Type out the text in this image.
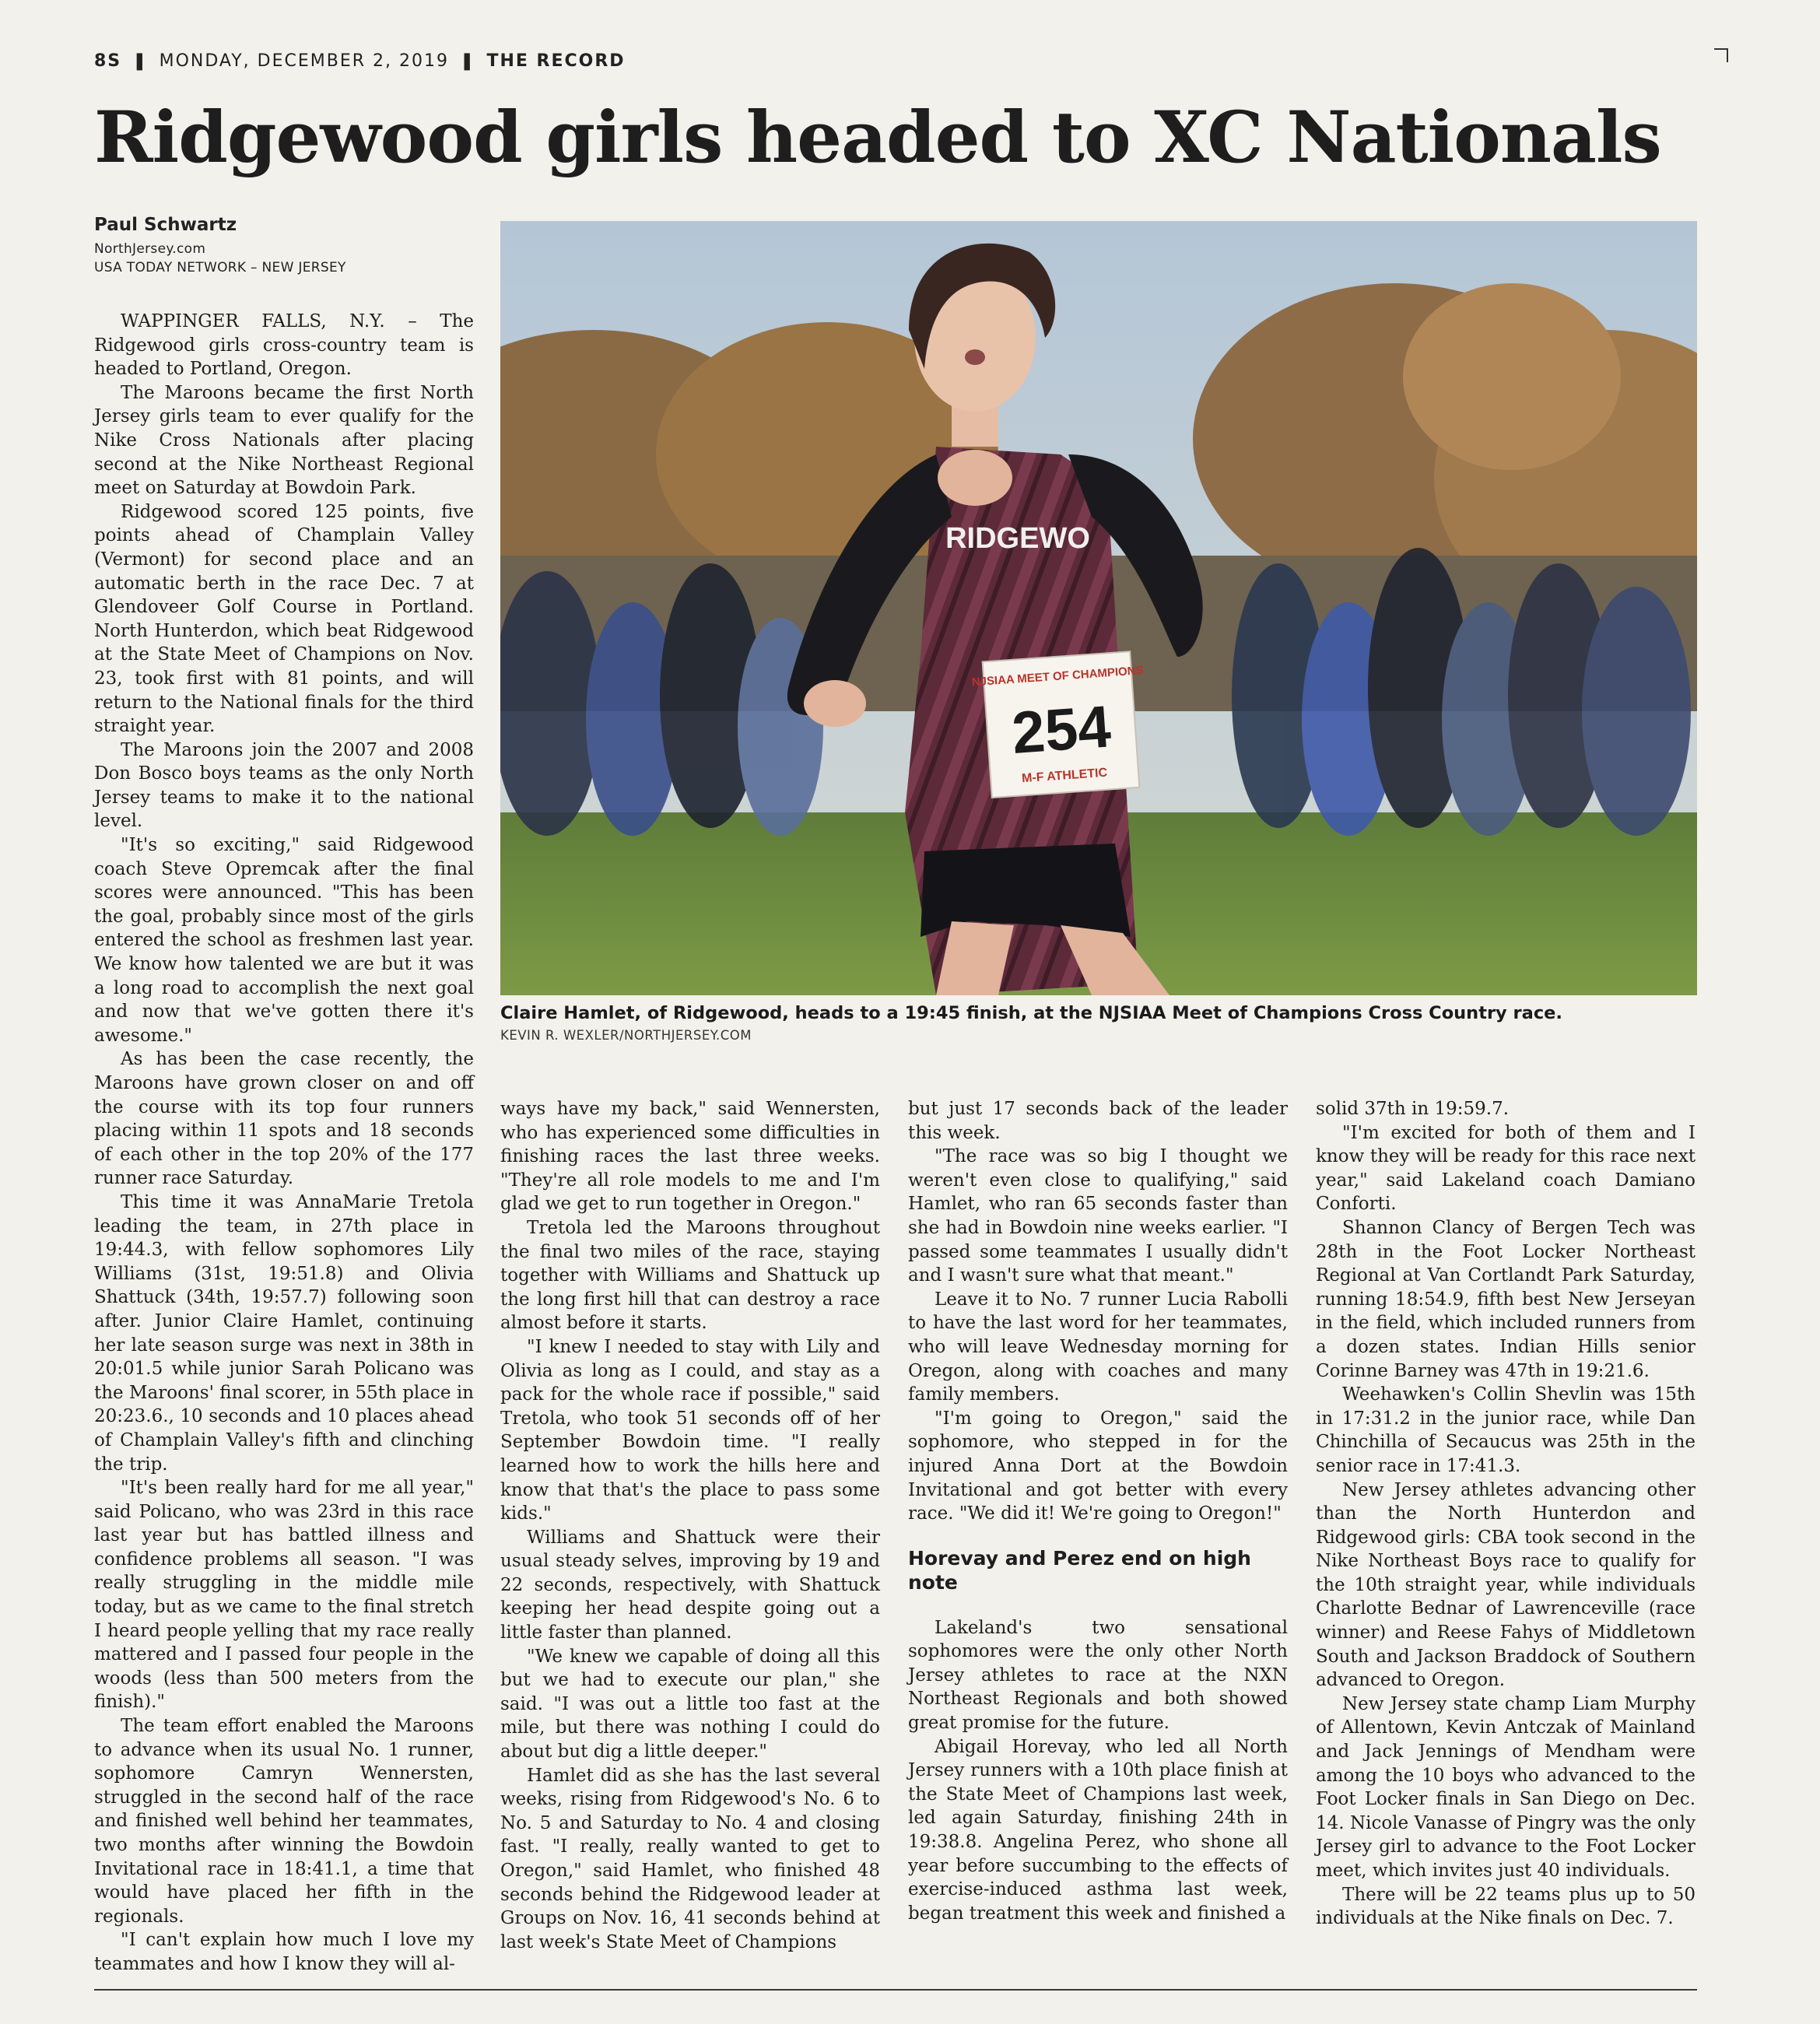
8S ❚ MONDAY, DECEMBER 2, 2019 ❚ THE RECORD
Ridgewood girls headed to XC Nationals
Paul Schwartz
NorthJersey.com
USA TODAY NETWORK – NEW JERSEY
RIDGEWO
NJSIAA MEET OF CHAMPIONS
254
M-F ATHLETIC
Claire Hamlet, of Ridgewood, heads to a 19:45 finish, at the NJSIAA Meet of Champions Cross Country race.
KEVIN R. WEXLER/NORTHJERSEY.COM

WAPPINGER FALLS, N.Y. – The Ridgewood girls cross-country team is headed to Portland, Oregon.

The Maroons became the first North Jersey girls team to ever qualify for the Nike Cross Nationals after placing second at the Nike Northeast Regional meet on Saturday at Bowdoin Park.

Ridgewood scored 125 points, five points ahead of Champlain Valley (Vermont) for second place and an automatic berth in the race Dec. 7 at Glendoveer Golf Course in Portland. North Hunterdon, which beat Ridgewood at the State Meet of Champions on Nov. 23, took first with 81 points, and will return to the National finals for the third straight year.

The Maroons join the 2007 and 2008 Don Bosco boys teams as the only North Jersey teams to make it to the national level.

"It's so exciting," said Ridgewood coach Steve Opremcak after the final scores were announced. "This has been the goal, probably since most of the girls entered the school as freshmen last year. We know how talented we are but it was a long road to accomplish the next goal and now that we've gotten there it's awesome."

As has been the case recently, the Maroons have grown closer on and off the course with its top four runners placing within 11 spots and 18 seconds of each other in the top 20% of the 177 runner race Saturday.

This time it was AnnaMarie Tretola leading the team, in 27th place in 19:44.3, with fellow sophomores Lily Williams (31st, 19:51.8) and Olivia Shattuck (34th, 19:57.7) following soon after. Junior Claire Hamlet, continuing her late season surge was next in 38th in 20:01.5 while junior Sarah Policano was the Maroons' final scorer, in 55th place in 20:23.6., 10 seconds and 10 places ahead of Champlain Valley's fifth and clinching the trip.

"It's been really hard for me all year," said Policano, who was 23rd in this race last year but has battled illness and confidence problems all season. "I was really struggling in the middle mile today, but as we came to the final stretch I heard people yelling that my race really mattered and I passed four people in the woods (less than 500 meters from the finish)."

The team effort enabled the Maroons to advance when its usual No. 1 runner, sophomore Camryn Wennersten, struggled in the second half of the race and finished well behind her teammates, two months after winning the Bowdoin Invitational race in 18:41.1, a time that would have placed her fifth in the regionals.

"I can't explain how much I love my teammates and how I know they will al-

ways have my back," said Wennersten, who has experienced some difficulties in finishing races the last three weeks. "They're all role models to me and I'm glad we get to run together in Oregon."

Tretola led the Maroons throughout the final two miles of the race, staying together with Williams and Shattuck up the long first hill that can destroy a race almost before it starts.

"I knew I needed to stay with Lily and Olivia as long as I could, and stay as a pack for the whole race if possible," said Tretola, who took 51 seconds off of her September Bowdoin time. "I really learned how to work the hills here and know that that's the place to pass some kids."

Williams and Shattuck were their usual steady selves, improving by 19 and 22 seconds, respectively, with Shattuck keeping her head despite going out a little faster than planned.

"We knew we capable of doing all this but we had to execute our plan," she said. "I was out a little too fast at the mile, but there was nothing I could do about but dig a little deeper."

Hamlet did as she has the last several weeks, rising from Ridgewood's No. 6 to No. 5 and Saturday to No. 4 and closing fast. "I really, really wanted to get to Oregon," said Hamlet, who finished 48 seconds behind the Ridgewood leader at Groups on Nov. 16, 41 seconds behind at last week's State Meet of Champions

but just 17 seconds back of the leader this week.

"The race was so big I thought we weren't even close to qualifying," said Hamlet, who ran 65 seconds faster than she had in Bowdoin nine weeks earlier. "I passed some teammates I usually didn't and I wasn't sure what that meant."

Leave it to No. 7 runner Lucia Rabolli to have the last word for her teammates, who will leave Wednesday morning for Oregon, along with coaches and many family members.

"I'm going to Oregon," said the sophomore, who stepped in for the injured Anna Dort at the Bowdoin Invitational and got better with every race. "We did it! We're going to Oregon!"

Horevay and Perez end on high note

Lakeland's two sensational sophomores were the only other North Jersey athletes to race at the NXN Northeast Regionals and both showed great promise for the future.

Abigail Horevay, who led all North Jersey runners with a 10th place finish at the State Meet of Champions last week, led again Saturday, finishing 24th in 19:38.8. Angelina Perez, who shone all year before succumbing to the effects of exercise-induced asthma last week, began treatment this week and finished a

solid 37th in 19:59.7.

"I'm excited for both of them and I know they will be ready for this race next year," said Lakeland coach Damiano Conforti.

Shannon Clancy of Bergen Tech was 28th in the Foot Locker Northeast Regional at Van Cortlandt Park Saturday, running 18:54.9, fifth best New Jerseyan in the field, which included runners from a dozen states. Indian Hills senior Corinne Barney was 47th in 19:21.6.

Weehawken's Collin Shevlin was 15th in 17:31.2 in the junior race, while Dan Chinchilla of Secaucus was 25th in the senior race in 17:41.3.

New Jersey athletes advancing other than the North Hunterdon and Ridgewood girls: CBA took second in the Nike Northeast Boys race to qualify for the 10th straight year, while individuals Charlotte Bednar of Lawrenceville (race winner) and Reese Fahys of Middletown South and Jackson Braddock of Southern advanced to Oregon.

New Jersey state champ Liam Murphy of Allentown, Kevin Antczak of Mainland and Jack Jennings of Mendham were among the 10 boys who advanced to the Foot Locker finals in San Diego on Dec. 14. Nicole Vanasse of Pingry was the only Jersey girl to advance to the Foot Locker meet, which invites just 40 individuals.

There will be 22 teams plus up to 50 individuals at the Nike finals on Dec. 7.
